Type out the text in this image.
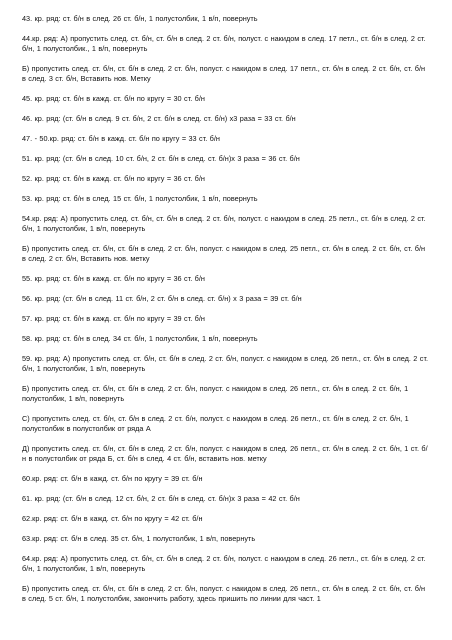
43. кр. ряд: ст. б/н в след. 26 ст. б/н, 1 полустолбик, 1 в/п, повернуть

44.кр. ряд: А) пропустить след. ст. б/н, ст. б/н в след. 2 ст. б/н, полуст. с накидом в след. 17 петл., ст. б/н в след. 2 ст. б/н, 1 полустолбик., 1 в/п, повернуть

Б) пропустить след. ст. б/н, ст. б/н в след. 2 ст. б/н, полуст. с накидом в след. 17 петл., ст. б/н в след. 2 ст. б/н, ст. б/н в след. 3 ст. б/н, Вставить нов. Метку

45. кр. ряд: ст. б/н в кажд. ст. б/н по кругу = 30 ст. б/н

46. кр. ряд: (ст. б/н в след. 9 ст. б/н, 2 ст. б/н в след. ст. б/н) x3 раза = 33 ст. б/н

47. - 50.кр. ряд: ст. б/н в кажд. ст. б/н по кругу = 33 ст. б/н

51. кр. ряд: (ст. б/н в след. 10 ст. б/н, 2 ст. б/н в след. ст. б/н)х 3 раза = 36 ст. б/н

52. кр. ряд: ст. б/н в кажд. ст. б/н по кругу = 36 ст. б/н

53. кр. ряд: ст. б/н в след. 15 ст. б/н, 1 полустолбик, 1 в/п, повернуть

54.кр. ряд: А) пропустить след. ст. б/н, ст. б/н в след. 2 ст. б/н, полуст. с накидом в след. 25 петл., ст. б/н в след. 2 ст. б/н, 1 полустолбик, 1 в/п, повернуть

Б) пропустить след. ст. б/н, ст. б/н в след. 2 ст. б/н, полуст. с накидом в след. 25 петл., ст. б/н в след. 2 ст. б/н, ст. б/н в след. 2 ст. б/н, Вставить нов. метку

55. кр. ряд: ст. б/н в кажд. ст. б/н по кругу = 36 ст. б/н

56. кр. ряд: (ст. б/н в след. 11 ст. б/н, 2 ст. б/н в след. ст. б/н) х 3 раза = 39 ст. б/н

57. кр. ряд: ст. б/н в кажд. ст. б/н по кругу = 39 ст. б/н

58. кр. ряд: ст. б/н в след. 34 ст. б/н, 1 полустолбик, 1 в/п, повернуть

59. кр. ряд: А) пропустить след. ст. б/н, ст. б/н в след. 2 ст. б/н, полуст. с накидом в след. 26 петл., ст. б/н в след. 2 ст. б/н, 1 полустолбик, 1 в/п, повернуть

Б) пропустить след. ст. б/н, ст. б/н в след. 2 ст. б/н, полуст. с накидом в след. 26 петл., ст. б/н в след. 2 ст. б/н, 1 полустолбик, 1 в/п, повернуть

С) пропустить след. ст. б/н, ст. б/н в след. 2 ст. б/н, полуст. с накидом в след. 26 петл., ст. б/н в след. 2 ст. б/н, 1 полустолбик в полустолбик от ряда А

Д) пропустить след. ст. б/н, ст. б/н в след. 2 ст. б/н, полуст. с накидом в след. 26 петл., ст. б/н в след. 2 ст. б/н, 1 ст. б/н в полустолбик от ряда Б, ст. б/н в след. 4 ст. б/н, вставить нов. метку

60.кр. ряд: ст. б/н в кажд. ст. б/н по кругу = 39 ст. б/н

61. кр. ряд: (ст. б/н в след. 12 ст. б/н, 2 ст. б/н в след. ст. б/н)х 3 раза = 42 ст. б/н

62.кр. ряд: ст. б/н в кажд. ст. б/н по кругу = 42 ст. б/н

63.кр. ряд: ст. б/н в след. 35 ст. б/н, 1 полустолбик, 1 в/п, повернуть

64.кр. ряд: А) пропустить след. ст. б/н, ст. б/н в след. 2 ст. б/н, полуст. с накидом в след. 26 петл., ст. б/н в след. 2 ст. б/н, 1 полустолбик, 1 в/п, повернуть

Б) пропустить след. ст. б/н, ст. б/н в след. 2 ст. б/н, полуст. с накидом в след. 26 петл., ст. б/н в след. 2 ст. б/н, ст. б/н в след. 5 ст. б/н, 1 полустолбик, закончить работу, здесь пришить по линии для част. 1
